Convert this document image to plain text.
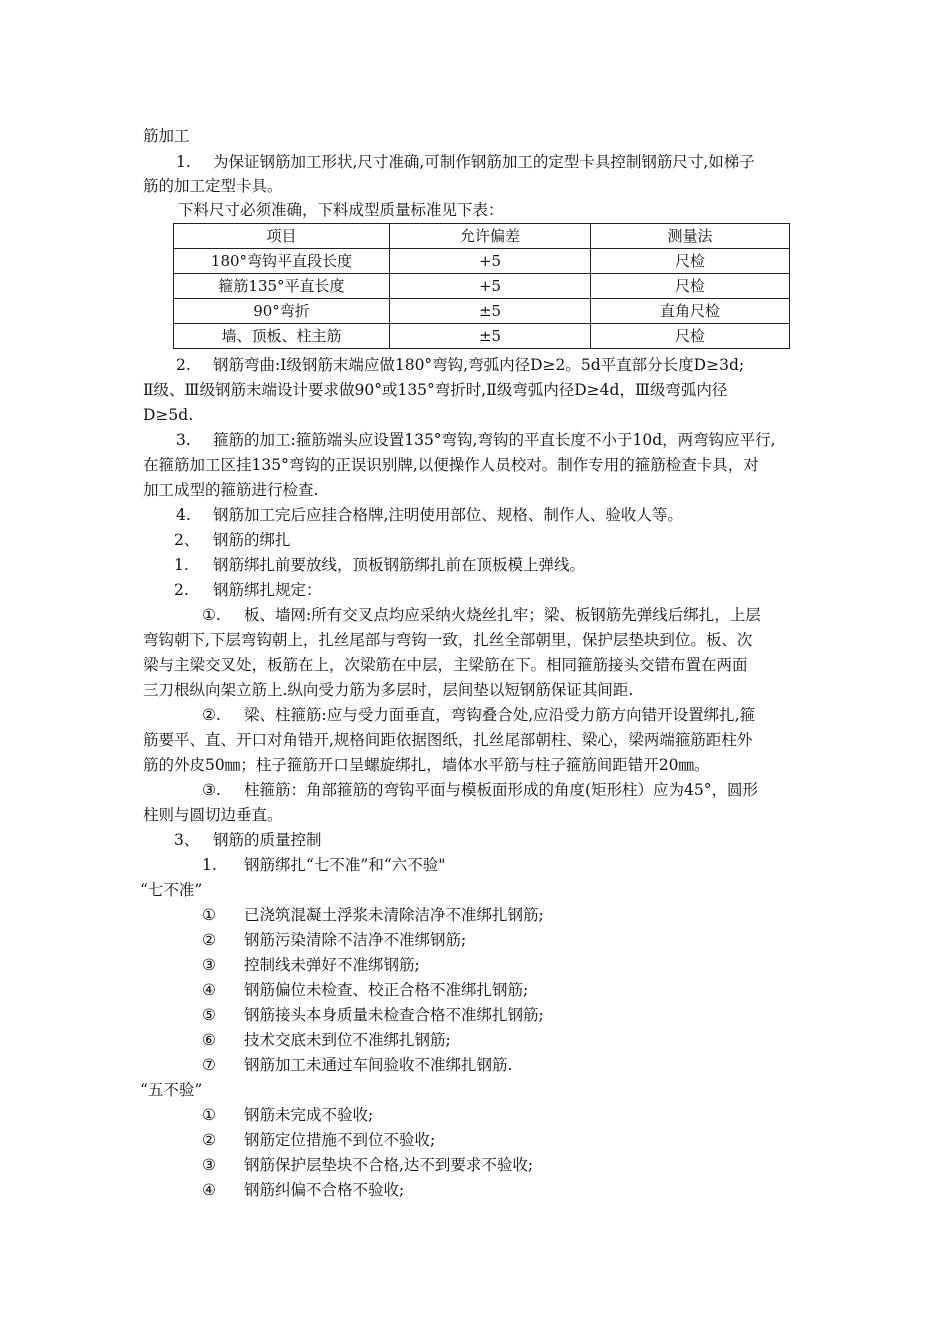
筋加工
1. 为保证钢筋加工形状,尺寸准确,可制作钢筋加工的定型卡具控制钢筋尺寸,如梯子
筋的加工定型卡具。
下料尺寸必须准确，下料成型质量标准见下表：
项目	允许偏差	测量法
180°弯钩平直段长度	+5	尺检
箍筋135°平直长度	+5	尺检
90°弯折	±5	直角尺检
墙、顶板、柱主筋	±5	尺检
2. 钢筋弯曲:I级钢筋末端应做180°弯钩,弯弧内径D≥2。5d平直部分长度D≥3d;
Ⅱ级、Ⅲ级钢筋末端设计要求做90°或135°弯折时,Ⅱ级弯弧内径D≥4d，Ⅲ级弯弧内径
D≥5d.
3. 箍筋的加工:箍筋端头应设置135°弯钩,弯钩的平直长度不小于10d，两弯钩应平行,
在箍筋加工区挂135°弯钩的正误识别牌,以便操作人员校对。制作专用的箍筋检查卡具，对
加工成型的箍筋进行检查.
4. 钢筋加工完后应挂合格牌,注明使用部位、规格、制作人、验收人等。
2、 钢筋的绑扎
1. 钢筋绑扎前要放线，顶板钢筋绑扎前在顶板模上弹线。
2. 钢筋绑扎规定：
①. 板、墙网:所有交叉点均应采纳火烧丝扎牢；梁、板钢筋先弹线后绑扎，上层
弯钩朝下,下层弯钩朝上，扎丝尾部与弯钩一致，扎丝全部朝里，保护层垫块到位。板、次
梁与主梁交叉处，板筋在上，次梁筋在中层，主梁筋在下。相同箍筋接头交错布置在两面
三刀根纵向架立筋上.纵向受力筋为多层时，层间垫以短钢筋保证其间距.
②. 梁、柱箍筋:应与受力面垂直，弯钩叠合处,应沿受力筋方向错开设置绑扎,箍
筋要平、直、开口对角错开,规格间距依据图纸，扎丝尾部朝柱、梁心，梁两端箍筋距柱外
筋的外皮50㎜；柱子箍筋开口呈螺旋绑扎，墙体水平筋与柱子箍筋间距错开20㎜。
③. 柱箍筋：角部箍筋的弯钩平面与模板面形成的角度(矩形柱）应为45°，圆形
柱则与圆切边垂直。
3、 钢筋的质量控制
1. 钢筋绑扎“七不准”和“六不验"
“七不准”
① 已浇筑混凝土浮浆未清除洁净不准绑扎钢筋;
② 钢筋污染清除不洁净不准绑钢筋;
③ 控制线未弹好不准绑钢筋;
④ 钢筋偏位未检查、校正合格不准绑扎钢筋;
⑤ 钢筋接头本身质量未检查合格不准绑扎钢筋;
⑥ 技术交底未到位不准绑扎钢筋;
⑦ 钢筋加工未通过车间验收不准绑扎钢筋.
“五不验”
① 钢筋未完成不验收;
② 钢筋定位措施不到位不验收;
③ 钢筋保护层垫块不合格,达不到要求不验收;
④ 钢筋纠偏不合格不验收;
